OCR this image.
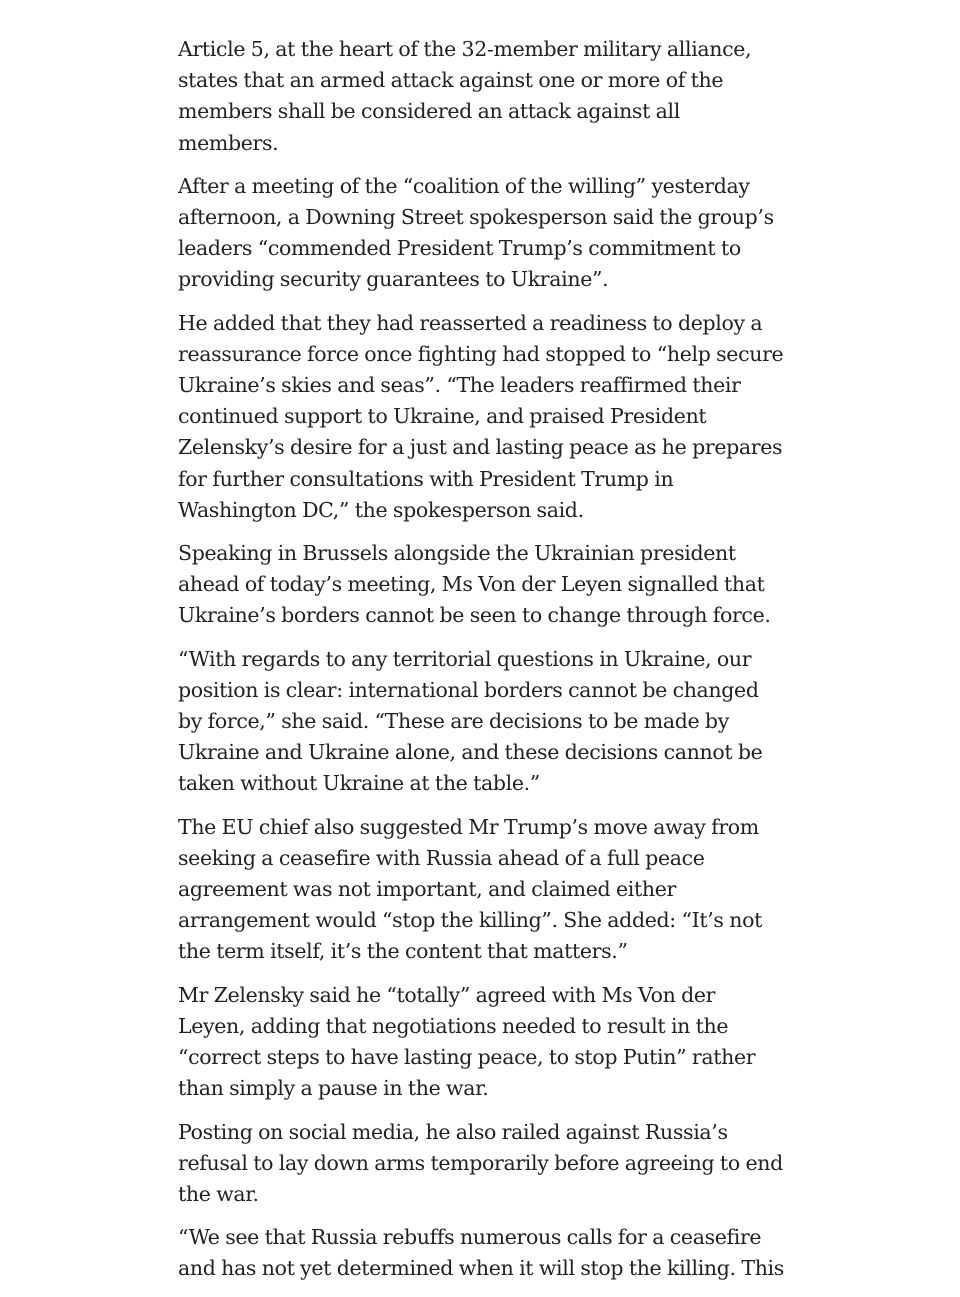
Article 5, at the heart of the 32-member military alliance, states that an armed attack against one or more of the members shall be considered an attack against all members.

After a meeting of the “coalition of the willing” yesterday afternoon, a Downing Street spokesperson said the group’s leaders “commended President Trump’s commitment to providing security guarantees to Ukraine”.

He added that they had reasserted a readiness to deploy a reassurance force once fighting had stopped to “help secure Ukraine’s skies and seas”. “The leaders reaffirmed their continued support to Ukraine, and praised President Zelensky’s desire for a just and lasting peace as he prepares for further consultations with President Trump in Washington DC,” the spokesperson said.

Speaking in Brussels alongside the Ukrainian president ahead of today’s meeting, Ms Von der Leyen signalled that Ukraine’s borders cannot be seen to change through force.

“With regards to any territorial questions in Ukraine, our position is clear: international borders cannot be changed by force,” she said. “These are decisions to be made by Ukraine and Ukraine alone, and these decisions cannot be taken without Ukraine at the table.”

The EU chief also suggested Mr Trump’s move away from seeking a ceasefire with Russia ahead of a full peace agreement was not important, and claimed either arrangement would “stop the killing”. She added: “It’s not the term itself, it’s the content that matters.”

Mr Zelensky said he “totally” agreed with Ms Von der Leyen, adding that negotiations needed to result in the “correct steps to have lasting peace, to stop Putin” rather than simply a pause in the war.

Posting on social media, he also railed against Russia’s refusal to lay down arms temporarily before agreeing to end the war.

“We see that Russia rebuffs numerous calls for a ceasefire and has not yet determined when it will stop the killing. This
